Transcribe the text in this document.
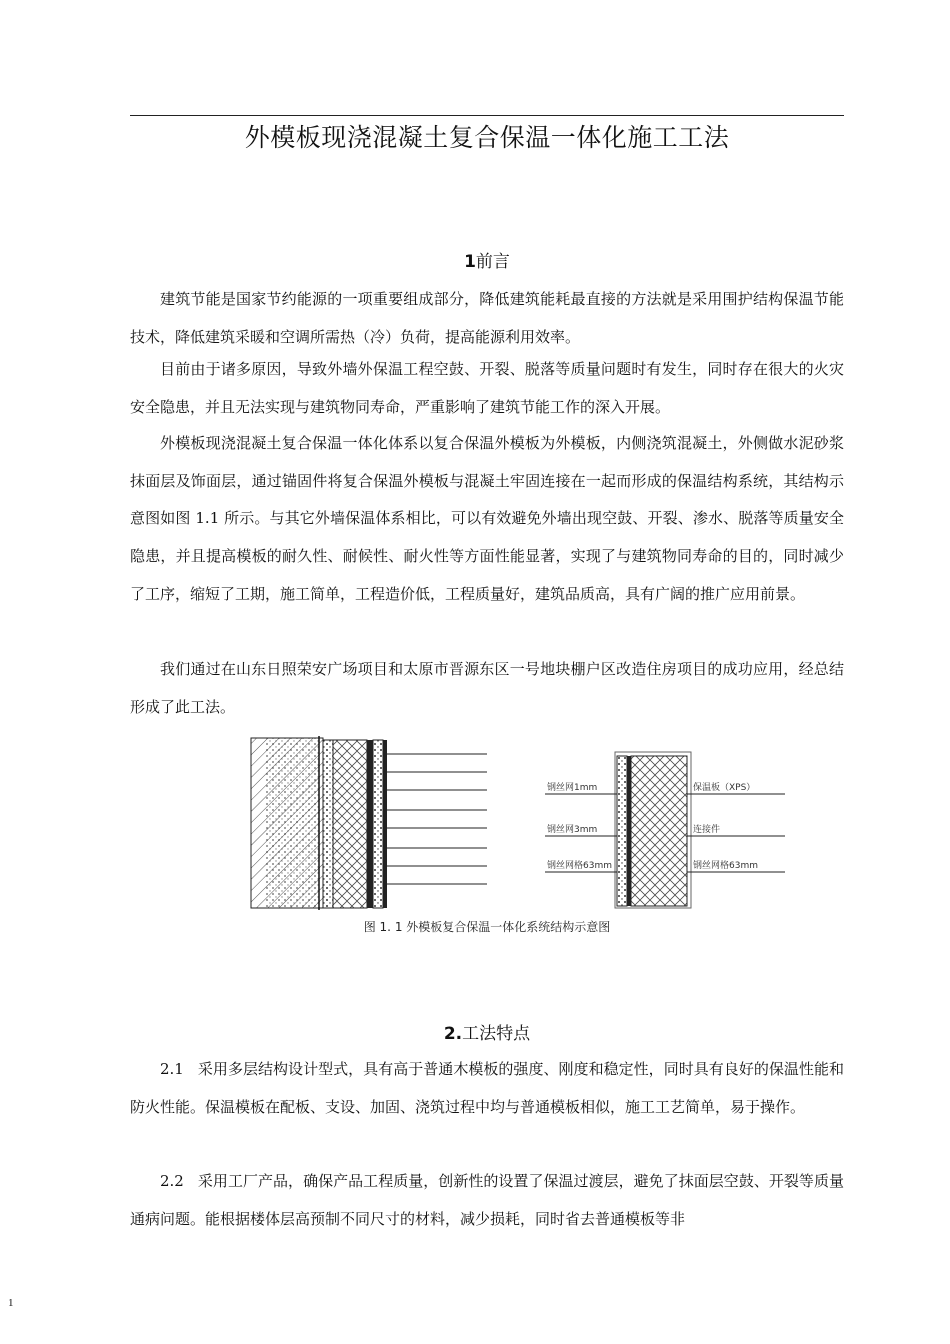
外模板现浇混凝土复合保温一体化施工工法
1前言

建筑节能是国家节约能源的一项重要组成部分，降低建筑能耗最直接的方法就是采用围护结构保温节能技术，降低建筑采暖和空调所需热（冷）负荷，提高能源利用效率。

目前由于诸多原因，导致外墙外保温工程空鼓、开裂、脱落等质量问题时有发生，同时存在很大的火灾安全隐患，并且无法实现与建筑物同寿命，严重影响了建筑节能工作的深入开展。

外模板现浇混凝土复合保温一体化体系以复合保温外模板为外模板，内侧浇筑混凝土，外侧做水泥砂浆抹面层及饰面层，通过锚固件将复合保温外模板与混凝土牢固连接在一起而形成的保温结构系统，其结构示意图如图 1.1 所示。与其它外墙保温体系相比，可以有效避免外墙出现空鼓、开裂、渗水、脱落等质量安全隐患，并且提高模板的耐久性、耐候性、耐火性等方面性能显著，实现了与建筑物同寿命的目的，同时减少了工序，缩短了工期，施工简单，工程造价低，工程质量好，建筑品质高，具有广阔的推广应用前景。

我们通过在山东日照荣安广场项目和太原市晋源东区一号地块棚户区改造住房项目的成功应用，经总结形成了此工法。

钢丝网1mm
钢丝网3mm
钢丝网格63mm
保温板（XPS）
连接件
钢丝网格63mm
图 1. 1 外模板复合保温一体化系统结构示意图
2.工法特点

2.1 采用多层结构设计型式，具有高于普通木模板的强度、刚度和稳定性，同时具有良好的保温性能和防火性能。保温模板在配板、支设、加固、浇筑过程中均与普通模板相似，施工工艺简单，易于操作。

2.2 采用工厂产品，确保产品工程质量，创新性的设置了保温过渡层，避免了抹面层空鼓、开裂等质量通病问题。能根据楼体层高预制不同尺寸的材料，减少损耗，同时省去普通模板等非

1
